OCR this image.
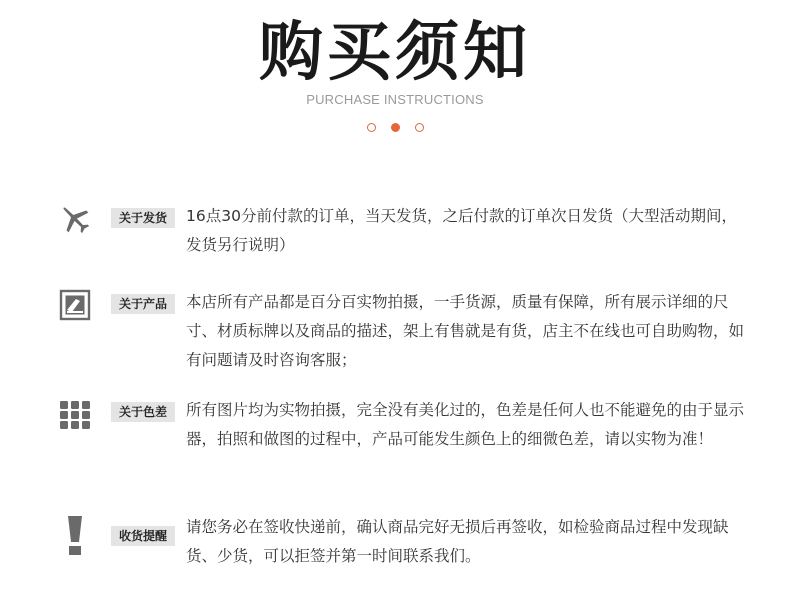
购买须知
PURCHASE INSTRUCTIONS
关于发货	16点30分前付款的订单，当天发货，之后付款的订单次日发货（大型活动期间，发货另行说明）
关于产品	本店所有产品都是百分百实物拍摄，一手货源，质量有保障，所有展示详细的尺寸、材质标牌以及商品的描述，架上有售就是有货，店主不在线也可自助购物，如有问题请及时咨询客服；
关于色差	所有图片均为实物拍摄，完全没有美化过的，色差是任何人也不能避免的由于显示器，拍照和做图的过程中，产品可能发生颜色上的细微色差，请以实物为准！
收货提醒	请您务必在签收快递前，确认商品完好无损后再签收，如检验商品过程中发现缺货、少货，可以拒签并第一时间联系我们。
